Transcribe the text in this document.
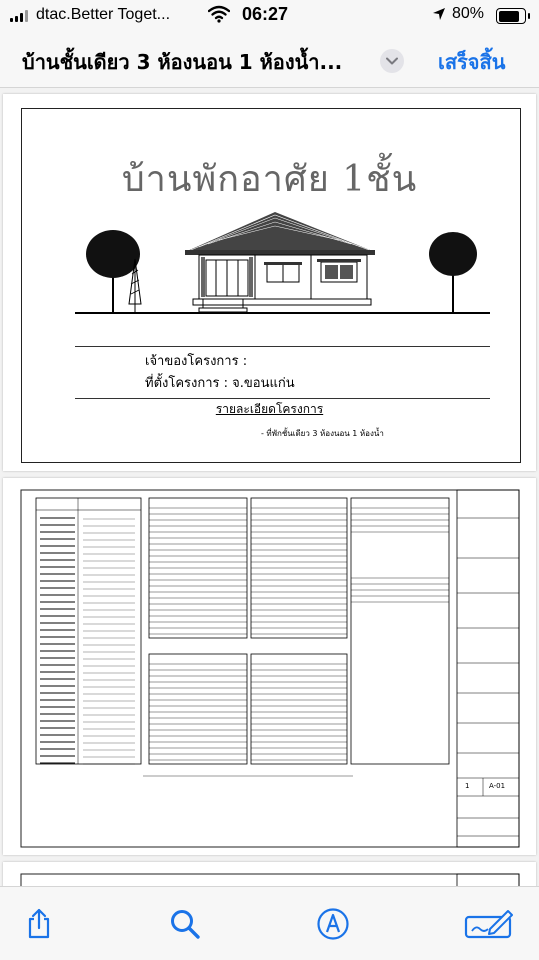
dtac.Better Toget...	06:27	80%
บ้านชั้นเดียว 3 ห้องนอน 1 ห้องน้ำ...	เสร็จสิ้น
บ้านพักอาศัย 1ชั้น
เจ้าของโครงการ :
ที่ตั้งโครงการ : จ.ขอนแก่น
รายละเอียดโครงการ
- ที่พักชั้นเดียว 3 ห้องนอน 1 ห้องน้ำ
1	A-01
